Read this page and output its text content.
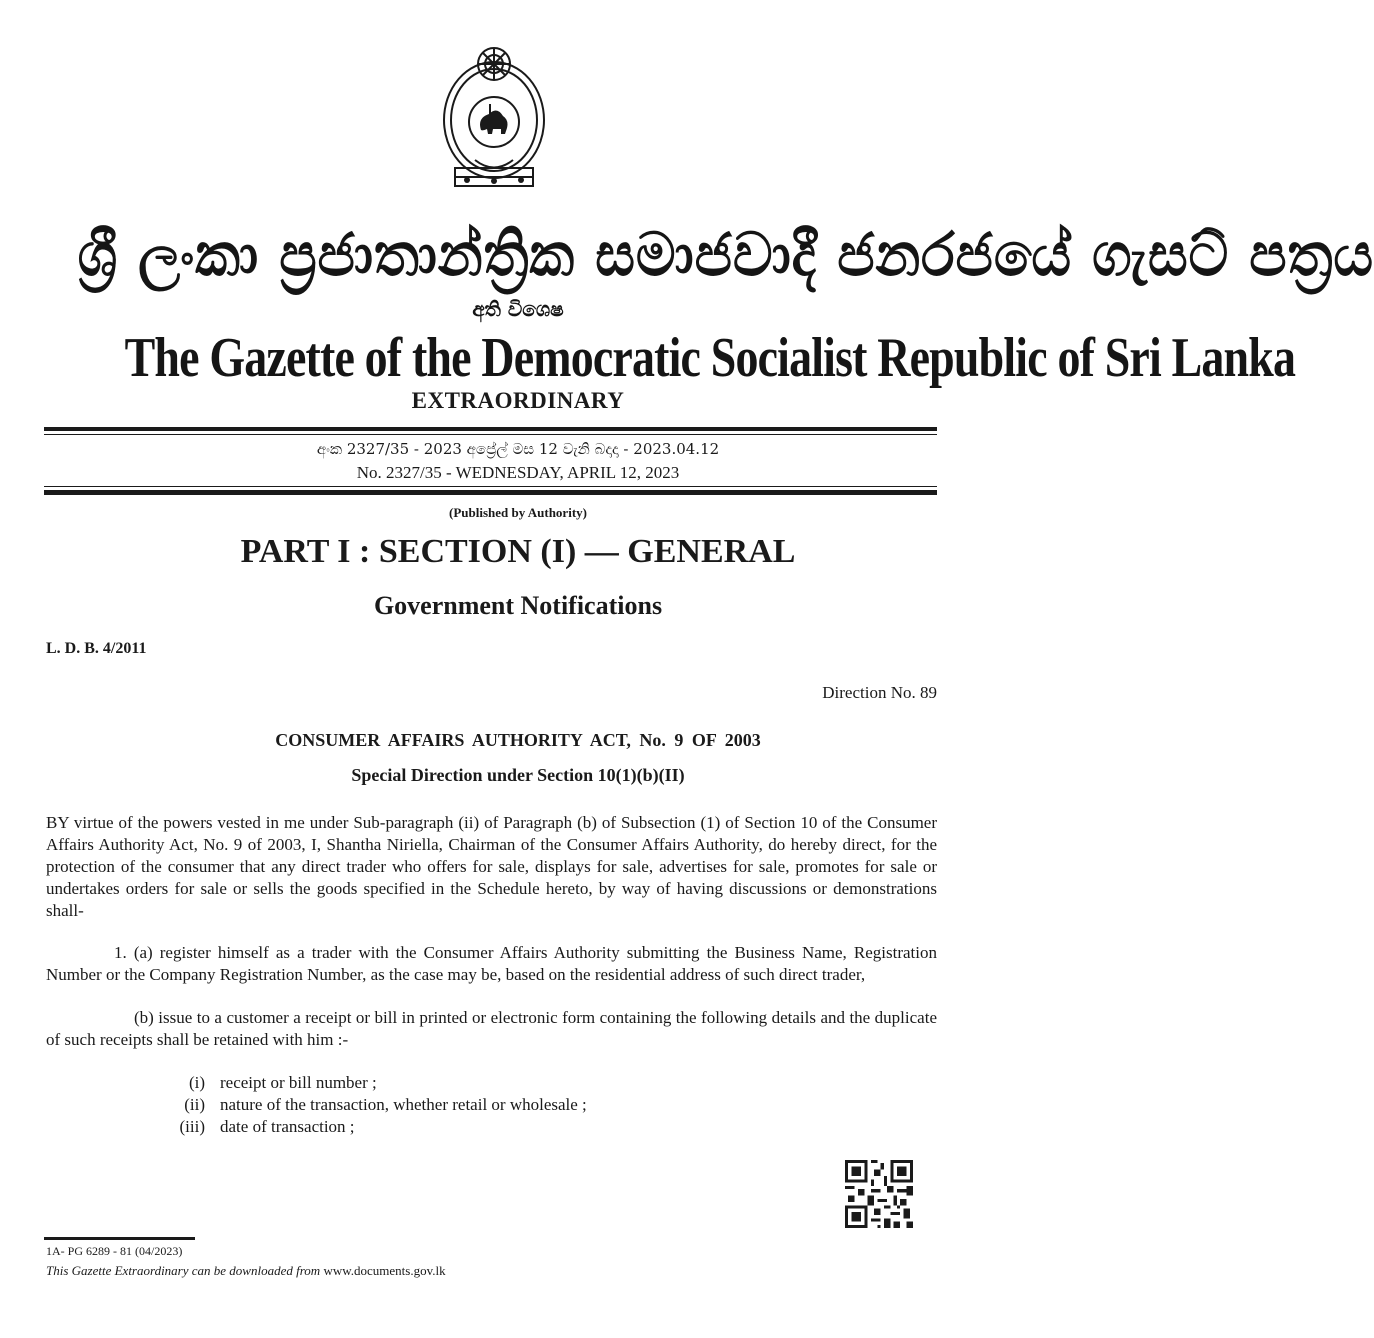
ශ්‍රී ලංකා ප්‍රජාතාන්ත්‍රික සමාජවාදී ජනරජයේ ගැසට් පත්‍රය
අති විශෙෂ
The Gazette of the Democratic Socialist Republic of Sri Lanka
EXTRAORDINARY
අංක 2327/35 - 2023 අප්‍රේල් මස 12 වැනි බදාදා - 2023.04.12
No. 2327/35 - WEDNESDAY, APRIL 12, 2023
(Published by Authority)
PART I : SECTION (I) — GENERAL
Government Notifications
L. D. B. 4/2011
Direction No. 89
CONSUMER AFFAIRS AUTHORITY ACT, No. 9 OF 2003
Special Direction under Section 10(1)(b)(II)
BY virtue of the powers vested in me under Sub-paragraph (ii) of Paragraph (b) of Subsection (1) of Section 10 of the Consumer Affairs Authority Act, No. 9 of 2003, I, Shantha Niriella, Chairman of the Consumer Affairs Authority, do hereby direct, for the protection of the consumer that any direct trader who offers for sale, displays for sale, advertises for sale, promotes for sale or undertakes orders for sale or sells the goods specified in the Schedule hereto, by way of having discussions or demonstrations shall-
1. (a) register himself as a trader with the Consumer Affairs Authority submitting the Business Name, Registration Number or the Company Registration Number, as the case may be, based on the residential address of such direct trader,
(b) issue to a customer a receipt or bill in printed or electronic form containing the following details and the duplicate of such receipts shall be retained with him :-
(i) receipt or bill number ;
(ii) nature of the transaction, whether retail or wholesale ;
(iii) date of transaction ;
1A- PG 6289 - 81 (04/2023)
This Gazette Extraordinary can be downloaded from www.documents.gov.lk
